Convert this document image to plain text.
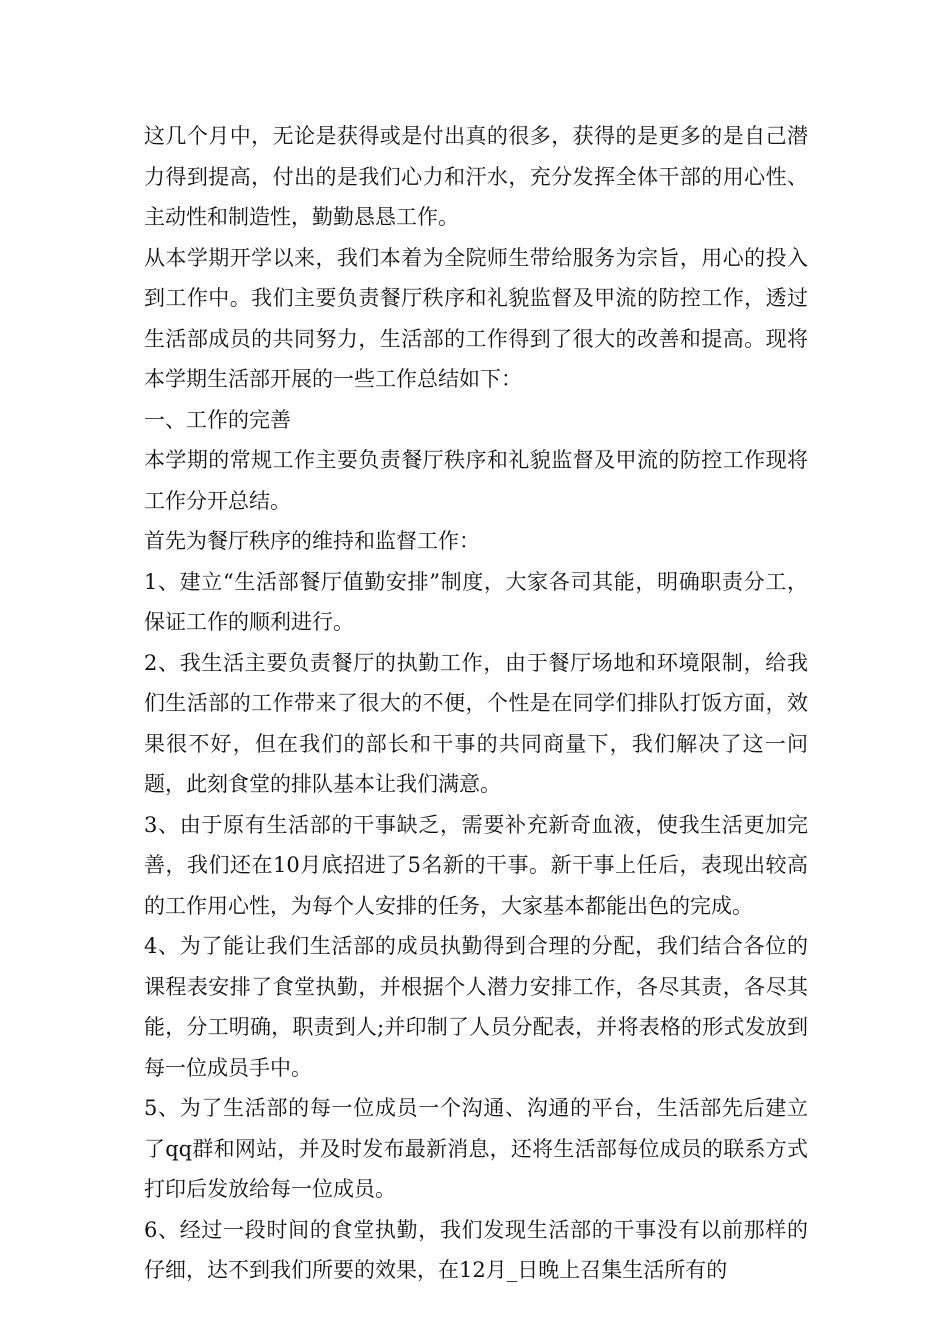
这几个月中，无论是获得或是付出真的很多，获得的是更多的是自己潜力得到提高，付出的是我们心力和汗水，充分发挥全体干部的用心性、主动性和制造性，勤勤恳恳工作。

从本学期开学以来，我们本着为全院师生带给服务为宗旨，用心的投入到工作中。我们主要负责餐厅秩序和礼貌监督及甲流的防控工作，透过生活部成员的共同努力，生活部的工作得到了很大的改善和提高。现将本学期生活部开展的一些工作总结如下：

一、工作的完善

本学期的常规工作主要负责餐厅秩序和礼貌监督及甲流的防控工作现将工作分开总结。

首先为餐厅秩序的维持和监督工作：

1、建立“生活部餐厅值勤安排”制度，大家各司其能，明确职责分工，保证工作的顺利进行。

2、我生活主要负责餐厅的执勤工作，由于餐厅场地和环境限制，给我们生活部的工作带来了很大的不便，个性是在同学们排队打饭方面，效果很不好，但在我们的部长和干事的共同商量下，我们解决了这一问题，此刻食堂的排队基本让我们满意。

3、由于原有生活部的干事缺乏，需要补充新奇血液，使我生活更加完善，我们还在10月底招进了5名新的干事。新干事上任后，表现出较高的工作用心性，为每个人安排的任务，大家基本都能出色的完成。

4、为了能让我们生活部的成员执勤得到合理的分配，我们结合各位的课程表安排了食堂执勤，并根据个人潜力安排工作，各尽其责，各尽其能，分工明确，职责到人;并印制了人员分配表，并将表格的形式发放到每一位成员手中。

5、为了生活部的每一位成员一个沟通、沟通的平台，生活部先后建立了qq群和网站，并及时发布最新消息，还将生活部每位成员的联系方式打印后发放给每一位成员。

6、经过一段时间的食堂执勤，我们发现生活部的干事没有以前那样的仔细，达不到我们所要的效果，在12月_日晚上召集生活所有的
